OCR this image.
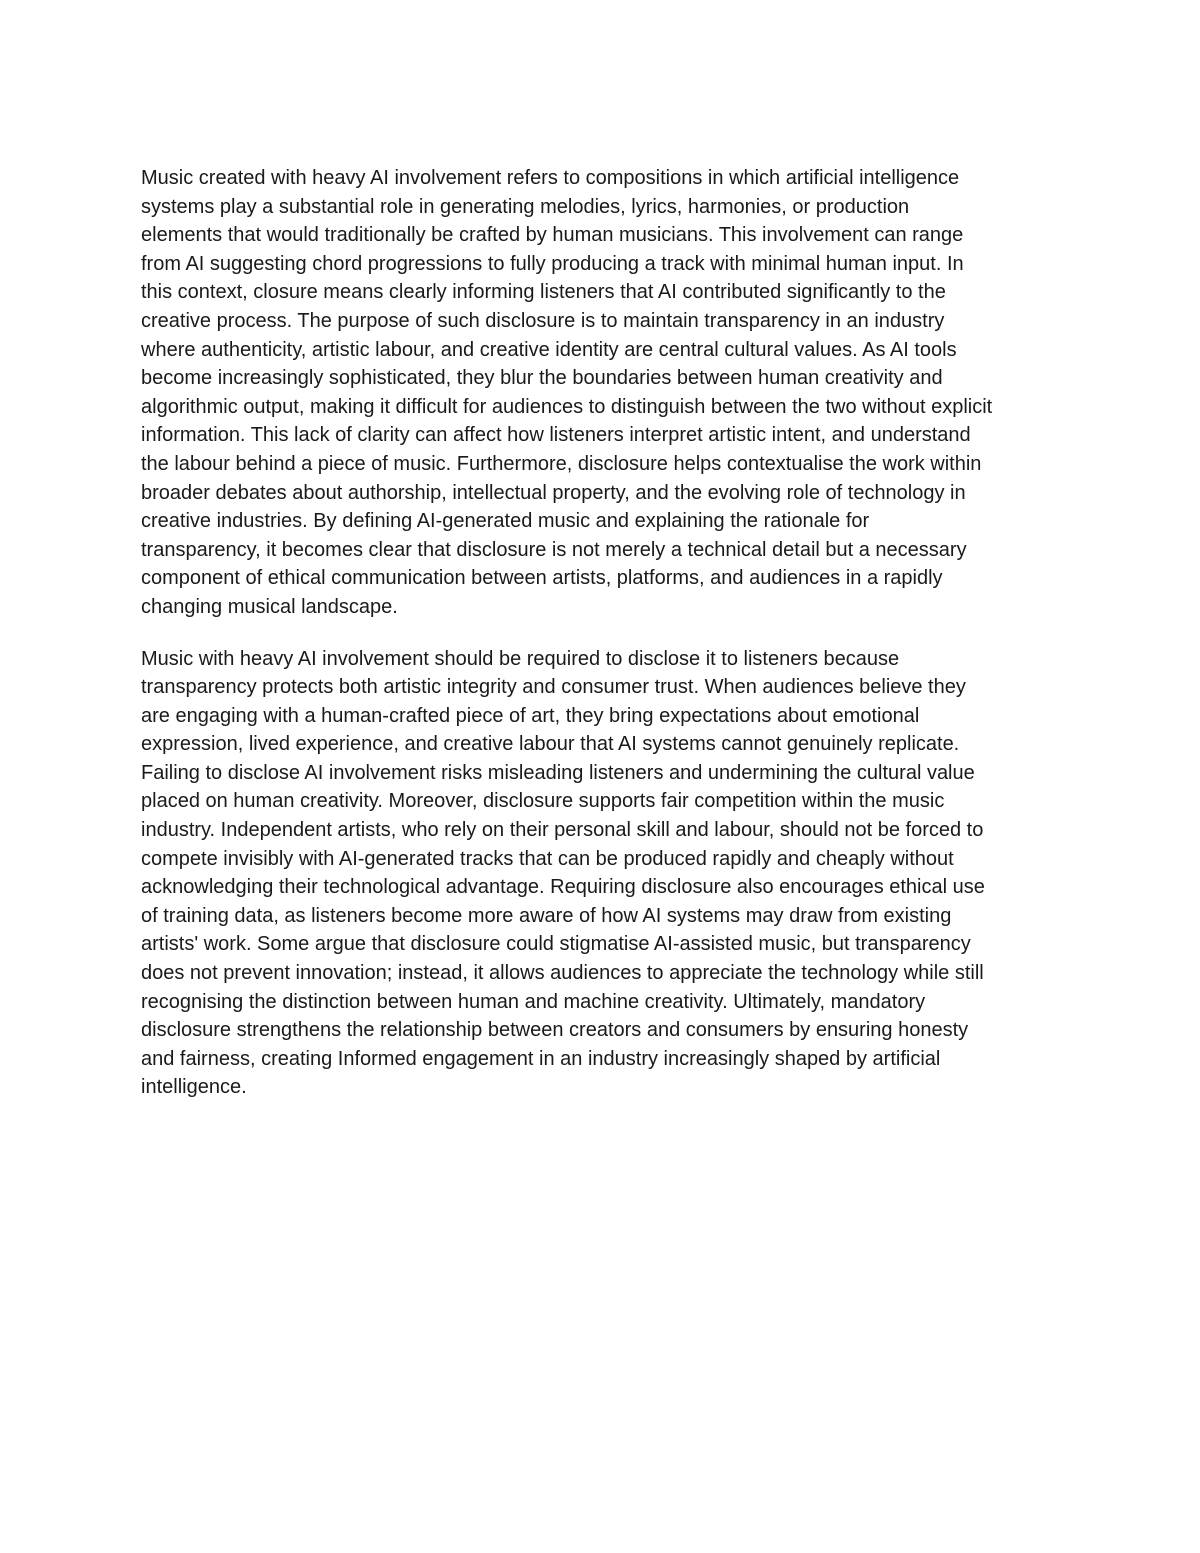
Music created with heavy AI involvement refers to compositions in which artificial intelligence
systems play a substantial role in generating melodies, lyrics, harmonies, or production
elements that would traditionally be crafted by human musicians. This involvement can range
from AI suggesting chord progressions to fully producing a track with minimal human input. In
this context, closure means clearly informing listeners that AI contributed significantly to the
creative process. The purpose of such disclosure is to maintain transparency in an industry
where authenticity, artistic labour, and creative identity are central cultural values. As AI tools
become increasingly sophisticated, they blur the boundaries between human creativity and
algorithmic output, making it difficult for audiences to distinguish between the two without explicit
information. This lack of clarity can affect how listeners interpret artistic intent, and understand
the labour behind a piece of music. Furthermore, disclosure helps contextualise the work within
broader debates about authorship, intellectual property, and the evolving role of technology in
creative industries. By defining AI-generated music and explaining the rationale for
transparency, it becomes clear that disclosure is not merely a technical detail but a necessary
component of ethical communication between artists, platforms, and audiences in a rapidly
changing musical landscape.

Music with heavy AI involvement should be required to disclose it to listeners because
transparency protects both artistic integrity and consumer trust. When audiences believe they
are engaging with a human-crafted piece of art, they bring expectations about emotional
expression, lived experience, and creative labour that AI systems cannot genuinely replicate.
Failing to disclose AI involvement risks misleading listeners and undermining the cultural value
placed on human creativity. Moreover, disclosure supports fair competition within the music
industry. Independent artists, who rely on their personal skill and labour, should not be forced to
compete invisibly with AI-generated tracks that can be produced rapidly and cheaply without
acknowledging their technological advantage. Requiring disclosure also encourages ethical use
of training data, as listeners become more aware of how AI systems may draw from existing
artists' work. Some argue that disclosure could stigmatise AI-assisted music, but transparency
does not prevent innovation; instead, it allows audiences to appreciate the technology while still
recognising the distinction between human and machine creativity. Ultimately, mandatory
disclosure strengthens the relationship between creators and consumers by ensuring honesty
and fairness, creating Informed engagement in an industry increasingly shaped by artificial
intelligence.
